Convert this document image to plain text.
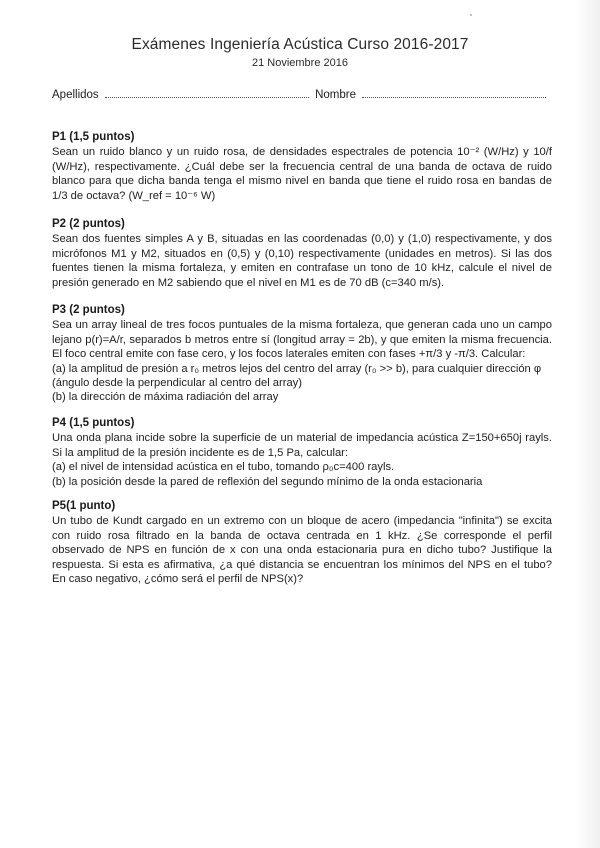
Exámenes Ingeniería Acústica Curso 2016-2017
21 Noviembre 2016
Apellidos	Nombre
P1 (1,5 puntos)
Sean un ruido blanco y un ruido rosa, de densidades espectrales de potencia 10⁻² (W/Hz) y 10/f (W/Hz), respectivamente. ¿Cuál debe ser la frecuencia central de una banda de octava de ruido blanco para que dicha banda tenga el mismo nivel en banda que tiene el ruido rosa en bandas de 1/3 de octava? (W_ref = 10⁻⁶ W)
P2 (2 puntos)
Sean dos fuentes simples A y B, situadas en las coordenadas (0,0) y (1,0) respectivamente, y dos micrófonos M1 y M2, situados en (0,5) y (0,10) respectivamente (unidades en metros). Si las dos fuentes tienen la misma fortaleza, y emiten en contrafase un tono de 10 kHz, calcule el nivel de presión generado en M2 sabiendo que el nivel en M1 es de 70 dB (c=340 m/s).
P3 (2 puntos)
Sea un array lineal de tres focos puntuales de la misma fortaleza, que generan cada uno un campo lejano p(r)=A/r, separados b metros entre sí (longitud array = 2b), y que emiten la misma frecuencia. El foco central emite con fase cero, y los focos laterales emiten con fases +π/3 y -π/3. Calcular:
(a) la amplitud de presión a r₀ metros lejos del centro del array (r₀ >> b), para cualquier dirección φ (ángulo desde la perpendicular al centro del array)
(b) la dirección de máxima radiación del array
P4 (1,5 puntos)
Una onda plana incide sobre la superficie de un material de impedancia acústica Z=150+650j rayls. Si la amplitud de la presión incidente es de 1,5 Pa, calcular:
(a) el nivel de intensidad acústica en el tubo, tomando ρ₀c=400 rayls.
(b) la posición desde la pared de reflexión del segundo mínimo de la onda estacionaria
P5(1 punto)
Un tubo de Kundt cargado en un extremo con un bloque de acero (impedancia "infinita") se excita con ruido rosa filtrado en la banda de octava centrada en 1 kHz. ¿Se corresponde el perfil observado de NPS en función de x con una onda estacionaria pura en dicho tubo? Justifique la respuesta. Si esta es afirmativa, ¿a qué distancia se encuentran los mínimos del NPS en el tubo? En caso negativo, ¿cómo será el perfil de NPS(x)?
